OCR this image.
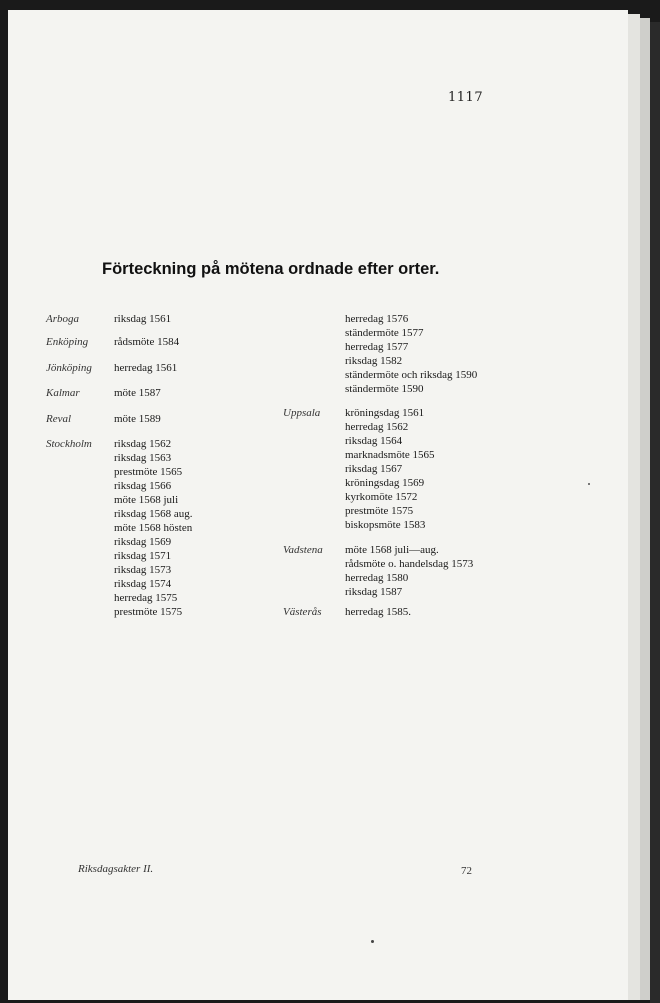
1117
Förteckning på mötena ordnade efter orter.
Arboga
Enköping
Jönköping
Kalmar
Reval
Stockholm
riksdag 1561
rådsmöte 1584
herredag 1561
möte 1587
möte 1589
riksdag 1562
riksdag 1563
prestmöte 1565
riksdag 1566
möte 1568 juli
riksdag 1568 aug.
möte 1568 hösten
riksdag 1569
riksdag 1571
riksdag 1573
riksdag 1574
herredag 1575
prestmöte 1575
herredag 1576
ständermöte 1577
herredag 1577
riksdag 1582
ständermöte och riksdag 1590
ständermöte 1590
Uppsala kröningsdag 1561
herredag 1562
riksdag 1564
marknadsmöte 1565
riksdag 1567
kröningsdag 1569
kyrkomöte 1572
prestmöte 1575
biskopsmöte 1583
Vadstena möte 1568 juli—aug.
rådsmöte o. handelsdag 1573
herredag 1580
riksdag 1587
Västerås herredag 1585.
Riksdagsakter II.	72
